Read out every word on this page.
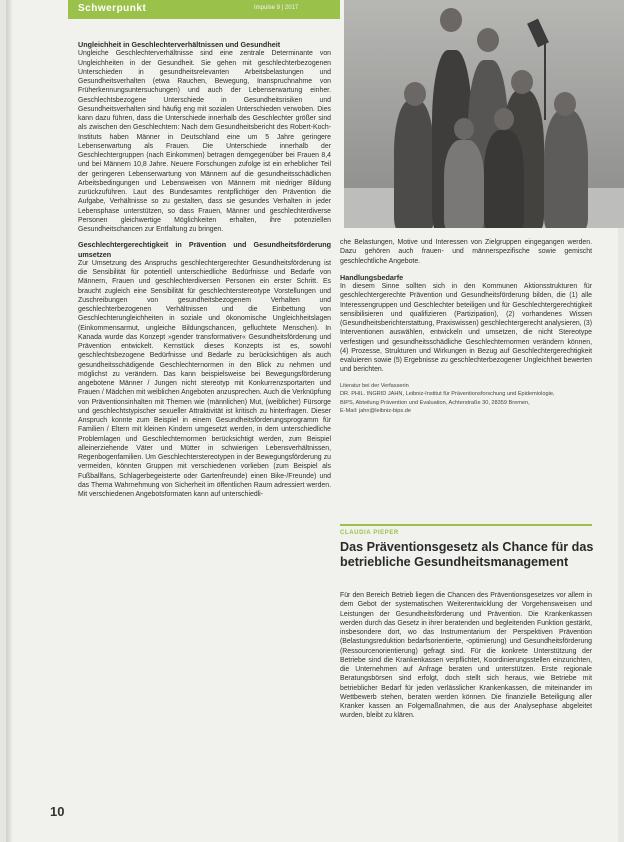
Schwerpunkt	Impulse 9 | 2017
Ungleichheit in Geschlechterverhältnissen und Gesundheit

Ungleiche Geschlechterverhältnisse sind eine zentrale Determinante von Ungleichheiten in der Gesundheit. Sie gehen mit geschlechterbezogenen Unterschieden in gesundheitsrelevanten Arbeitsbelastungen und Gesundheitsverhalten (etwa Rauchen, Bewegung, Inanspruchnahme von Früherkennungsuntersuchungen) und auch der Lebenserwartung einher. Geschlechtsbezogene Unterschiede in Gesundheitsrisiken und Gesundheitsverhalten sind häufig eng mit sozialen Unterschieden verwoben. Dies kann dazu führen, dass die Unterschiede innerhalb des Geschlechter größer sind als zwischen den Geschlechtern: Nach dem Gesundheitsbericht des Robert-Koch-Instituts haben Männer in Deutschland eine um 5 Jahre geringere Lebenserwartung als Frauen. Die Unterschiede innerhalb der Geschlechtergruppen (nach Einkommen) betragen demgegenüber bei Frauen 8,4 und bei Männern 10,8 Jahre. Neuere Forschungen zufolge ist ein erheblicher Teil der geringeren Lebenserwartung von Männern auf die gesundheitsschädlichen Arbeitsbedingungen und Lebensweisen von Männern mit niedriger Bildung zurückzuführen. Laut des Bundesamtes rentpflichtiger den Prävention die Aufgabe, Verhältnisse so zu gestalten, dass sie gesundes Verhalten in jeder Lebensphase unterstützen, so dass Frauen, Männer und geschlechterdiverse Personen gleichwertige Möglichkeiten erhalten, ihre potenziellen Gesundheitschancen zur Entfaltung zu bringen.

Geschlechtergerechtigkeit in Prävention und Gesundheitsförderung umsetzen

Zur Umsetzung des Anspruchs geschlechtergerechter Gesundheitsförderung ist die Sensibilität für potentiell unterschiedliche Bedürfnisse und Bedarfe von Männern, Frauen und geschlechterdiversen Personen ein erster Schritt. Es braucht zugleich eine Sensibilität für geschlechterstereotype Vorstellungen und Zuschreibungen von gesundheitsbezogenem Verhalten und geschlechterbezogenen Verhältnissen und die Einbettung von Geschlechterungleichheiten in soziale und ökonomische Ungleichheitslagen (Einkommensarmut, ungleiche Bildungschancen, gefluchtete Menschen). In Kanada wurde das Konzept »gender transformativer« Gesundheitsförderung und Prävention entwickelt. Kernstück dieses Konzepts ist es, sowohl geschlechtsbezogene Bedürfnisse und Bedarfe zu berücksichtigen als auch gesundheitsschädigende Geschlechternormen in den Blick zu nehmen und möglichst zu verändern. Das kann beispielsweise bei Bewegungsförderung angebotene Männer / Jungen nicht stereotyp mit Konkurrenzsportarten und Frauen / Mädchen mit weiblichen Angeboten anzusprechen. Auch die Verknüpfung von Präventionsinhalten mit Themen wie (männlichen) Mut, (weiblicher) Fürsorge und geschlechtstypischer sexueller Attraktivität ist kritisch zu hinterfragen. Dieser Anspruch konnte zum Beispiel in einem Gesundheitsförderungsprogramm für Familien / Eltern mit kleinen Kindern umgesetzt werden, in dem unterschiedliche Problemlagen und Geschlechternormen berücksichtigt werden, zum Beispiel alleinerziehende Väter und Mütter in schwierigen Lebensverhältnissen, Regenbogenfamilien. Um Geschlechterstereotypen in der Bewegungsförderung zu vermeiden, könnten Gruppen mit verschiedenen vorlieben (zum Beispiel als Fußballfans, Schlagerbegeisterte oder Gartenfreunde) einen Bike-/Freunde) und das Thema Wahrnehmung von Sicherheit im öffentlichen Raum adressiert werden. Mit verschiedenen Angebotsformaten kann auf unterschiedli-

che Belastungen, Motive und Interessen von Zielgruppen eingegangen werden. Dazu gehören auch frauen- und männerspezifische sowie gemischt geschlechtliche Angebote.

Handlungsbedarfe

In diesem Sinne sollten sich in den Kommunen Aktionsstrukturen für geschlechtergerechte Prävention und Gesundheitsförderung bilden, die (1) alle Interessengruppen und Geschlechter beteiligen und für Geschlechtergerechtigkeit sensibilisieren und qualifizieren (Partizipation), (2) vorhandenes Wissen (Gesundheitsberichterstattung, Praxiswissen) geschlechtergerecht analysieren, (3) Interventionen auswählen, entwickeln und umsetzen, die nicht Stereotype verfestigen und gesundheitsschädliche Geschlechternormen verändern können, (4) Prozesse, Strukturen und Wirkungen in Bezug auf Geschlechtergerechtigkeit evaluieren sowie (5) Ergebnisse zu geschlechterbezogener Ungleichheit bewerten und berichten.

Literatur bei der Verfasserin
DR. PHIL. INGRID JAHN, Leibniz-Institut für Präventionsforschung und Epidemiologie,
BIPS, Abteilung Prävention und Evaluation, Achterstraße 30, 28359 Bremen,
E-Mail: jahn@leibniz-bips.de
CLAUDIA PIEPER
Das Präventionsgesetz als Chance für das betriebliche Gesundheitsmanagement

Für den Bereich Betrieb liegen die Chancen des Präventionsgesetzes vor allem in dem Gebot der systematischen Weiterentwicklung der Vorgehensweisen und Leistungen der Gesundheitsförderung und Prävention. Die Krankenkassen werden durch das Gesetz in ihrer beratenden und begleitenden Funktion gestärkt, insbesondere dort, wo das Instrumentarium der Perspektiven Prävention (Belastungsreduktion bedarfsorientierte, -optimierung) und Gesundheitsförderung (Ressourcenorientierung) gefragt sind. Für die konkrete Unterstützung der Betriebe sind die Krankenkassen verpflichtet, Koordinierungsstellen einzurichten, die Unternehmen auf Anfrage beraten und unterstützen. Erste regionale Beratungsbörsen sind erfolgt, doch stellt sich heraus, wie Betriebe mit betrieblicher Bedarf für jeden verlässlicher Krankenkassen, die miteinander im Wettbewerb stehen, beraten werden können. Die finanzielle Beteiligung aller Kranker kassen an Folgemaßnahmen, die aus der Analysephase abgeleitet wurden, bleibt zu klären.

10
